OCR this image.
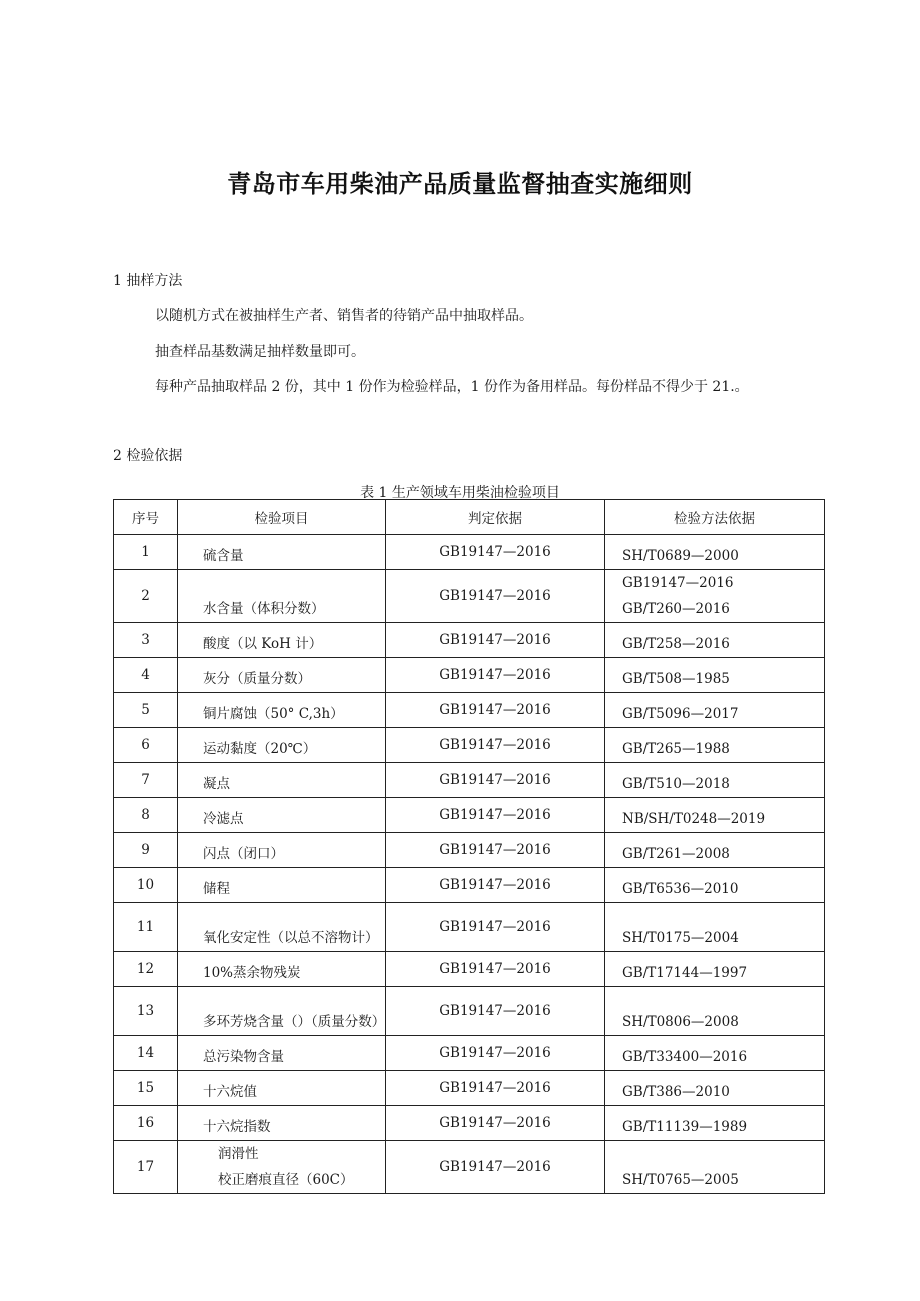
青岛市车用柴油产品质量监督抽查实施细则
1 抽样方法
以随机方式在被抽样生产者、销售者的待销产品中抽取样品。
抽查样品基数满足抽样数量即可。
每种产品抽取样品 2 份，其中 1 份作为检验样品，1 份作为备用样品。每份样品不得少于 21.。
2 检验依据
表 1 生产领域车用柴油检验项目
序号	检验项目	判定依据	检验方法依据
1	硫含量	GB19147—2016	SH/T0689—2000
2	水含量（体积分数）	GB19147—2016	GB19147—2016
GB/T260—2016

3	酸度（以 KoH 计）	GB19147—2016	GB/T258—2016
4	灰分（质量分数）	GB19147—2016	GB/T508—1985
5	铜片腐蚀（50° C,3h）	GB19147—2016	GB/T5096—2017
6	运动黏度（20℃）	GB19147—2016	GB/T265—1988
7	凝点	GB19147—2016	GB/T510—2018
8	冷滤点	GB19147—2016	NB/SH/T0248—2019
9	闪点（闭口）	GB19147—2016	GB/T261—2008
10	储程	GB19147—2016	GB/T6536—2010
11	氧化安定性（以总不溶物计）	GB19147—2016	SH/T0175—2004
12	10%蒸余物残炭	GB19147—2016	GB/T17144—1997
13	多环芳烧含量（）（质量分数）	GB19147—2016	SH/T0806—2008
14	总污染物含量	GB19147—2016	GB/T33400—2016
15	十六烷值	GB19147—2016	GB/T386—2010
16	十六烷指数	GB19147—2016	GB/T11139—1989
17	润滑性
校正磨痕直径（60C）	GB19147—2016	SH/T0765—2005
